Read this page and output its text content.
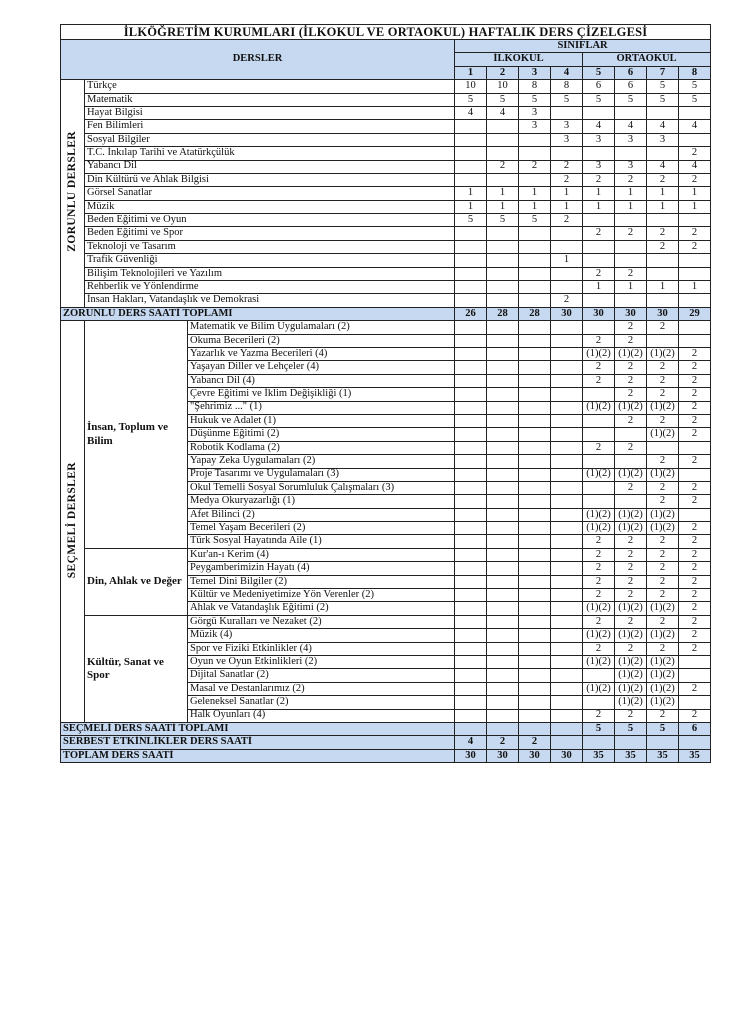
İLKÖĞRETİM KURUMLARI (İLKOKUL VE ORTAOKUL) HAFTALIK DERS ÇİZELGESİ										
DERSLER			SINIFLAR							
			İLKOKUL				ORTAOKUL			
			1	2	3	4	5	6	7	8
ZORUNLU DERSLER	Türkçe		10	10	8	8	6	6	5	5
	Matematik		5	5	5	5	5	5	5	5
	Hayat Bilgisi		4	4	3					
	Fen Bilimleri				3	3	4	4	4	4
	Sosyal Bilgiler					3	3	3	3	
	T.C. İnkılap Tarihi ve Atatürkçülük									2
	Yabancı Dil			2	2	2	3	3	4	4
	Din Kültürü ve Ahlak Bilgisi					2	2	2	2	2
	Görsel Sanatlar		1	1	1	1	1	1	1	1
	Müzik		1	1	1	1	1	1	1	1
	Beden Eğitimi ve Oyun		5	5	5	2				
	Beden Eğitimi ve Spor						2	2	2	2
	Teknoloji ve Tasarım								2	2
	Trafik Güvenliği					1				
	Bilişim Teknolojileri ve Yazılım						2	2		
	Rehberlik ve Yönlendirme						1	1	1	1
	İnsan Hakları, Vatandaşlık ve Demokrasi					2				
ZORUNLU DERS SAATİ TOPLAMI			26	28	28	30	30	30	30	29
SEÇMELİ DERSLER	İnsan, Toplum ve Bilim	Matematik ve Bilim Uygulamaları (2)						2	2	
		Okuma Becerileri (2)					2	2		
		Yazarlık ve Yazma Becerileri (4)					(1)(2)	(1)(2)	(1)(2)	2
		Yaşayan Diller ve Lehçeler (4)					2	2	2	2
		Yabancı Dil (4)					2	2	2	2
		Çevre Eğitimi ve İklim Değişikliği (1)						2	2	2
		"Şehrimiz ..." (1)					(1)(2)	(1)(2)	(1)(2)	2
		Hukuk ve Adalet (1)						2	2	2
		Düşünme Eğitimi (2)							(1)(2)	2
		Robotik Kodlama (2)					2	2		
		Yapay Zeka Uygulamaları (2)							2	2
		Proje Tasarımı ve Uygulamaları (3)					(1)(2)	(1)(2)	(1)(2)	
		Okul Temelli Sosyal Sorumluluk Çalışmaları (3)						2	2	2
		Medya Okuryazarlığı (1)							2	2
		Afet Bilinci (2)					(1)(2)	(1)(2)	(1)(2)	
		Temel Yaşam Becerileri (2)					(1)(2)	(1)(2)	(1)(2)	2
		Türk Sosyal Hayatında Aile (1)					2	2	2	2
	Din, Ahlak ve Değer	Kur'an-ı Kerim (4)					2	2	2	2
		Peygamberimizin Hayatı (4)					2	2	2	2
		Temel Dini Bilgiler (2)					2	2	2	2
		Kültür ve Medeniyetimize Yön Verenler (2)					2	2	2	2
		Ahlak ve Vatandaşlık Eğitimi (2)					(1)(2)	(1)(2)	(1)(2)	2
	Kültür, Sanat ve Spor	Görgü Kuralları ve Nezaket (2)					2	2	2	2
		Müzik (4)					(1)(2)	(1)(2)	(1)(2)	2
		Spor ve Fiziki Etkinlikler (4)					2	2	2	2
		Oyun ve Oyun Etkinlikleri (2)					(1)(2)	(1)(2)	(1)(2)	
		Dijital Sanatlar (2)						(1)(2)	(1)(2)	
		Masal ve Destanlarımız (2)					(1)(2)	(1)(2)	(1)(2)	2
		Geleneksel Sanatlar (2)						(1)(2)	(1)(2)	
		Halk Oyunları (4)					2	2	2	2
SEÇMELİ DERS SAATİ TOPLAMI							5	5	5	6
SERBEST ETKİNLİKLER DERS SAATİ			4	2	2					
TOPLAM DERS SAATİ			30	30	30	30	35	35	35	35
